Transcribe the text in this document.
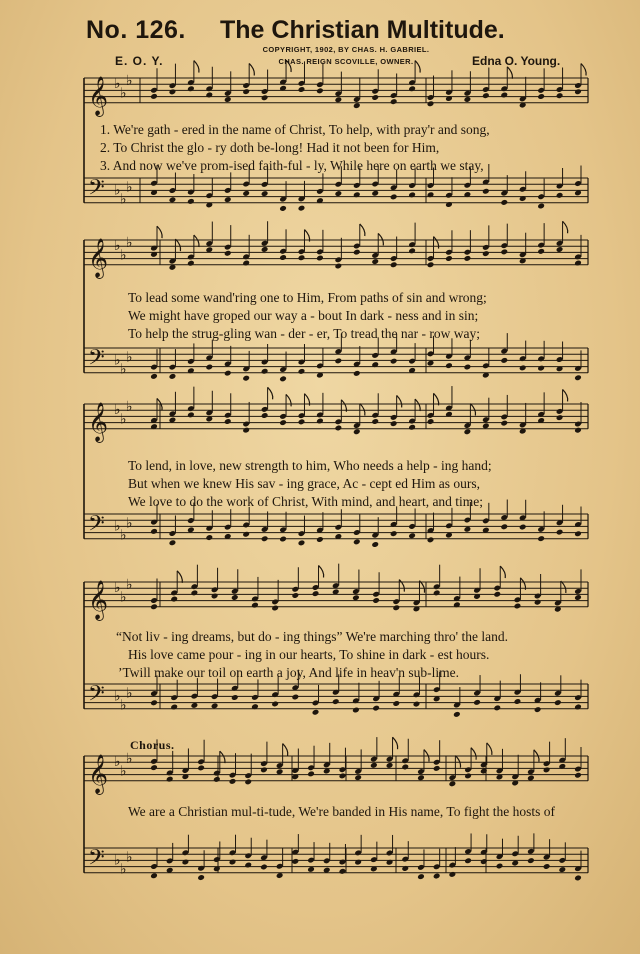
No. 126. The Christian Multitude.
COPYRIGHT, 1902, BY CHAS. H. GABRIEL.
CHAS. REIGN SCOVILLE, OWNER.
E. O. Y.	Edna O. Young.
𝄞
𝄢
♭
♭
♭
♭
♭
♭
𝄞
𝄢
♭
♭
♭
♭
♭
♭
𝄞
𝄢
♭
♭
♭
♭
♭
♭
𝄞
𝄢
♭
♭
♭
♭
♭
♭
𝄞
𝄢
♭
♭
♭
♭
♭
♭
1. We're gath - ered in the name of Christ, To help, with pray'r and song,
2. To Christ the glo - ry doth be-long! Had it not been for Him,
3. And now we've prom-ised faith-ful - ly, While here on earth we stay,
To lead some wand'ring one to Him, From paths of sin and wrong;
We might have groped our way a - bout In dark - ness and in sin;
To help the strug-gling wan - der - er, To tread the nar - row way;
To lend, in love, new strength to him, Who needs a help - ing hand;
But when we knew His sav - ing grace, Ac - cept ed Him as ours,
We love to do the work of Christ, With mind, and heart, and time;
“Not liv - ing dreams, but do - ing things” We're marching thro' the land.
His love came pour - ing in our hearts, To shine in dark - est hours.
’Twill make our toil on earth a joy, And life in heav'n sub-lime.
Chorus.
We are a Christian mul-ti-tude, We're banded in His name, To fight the hosts of
